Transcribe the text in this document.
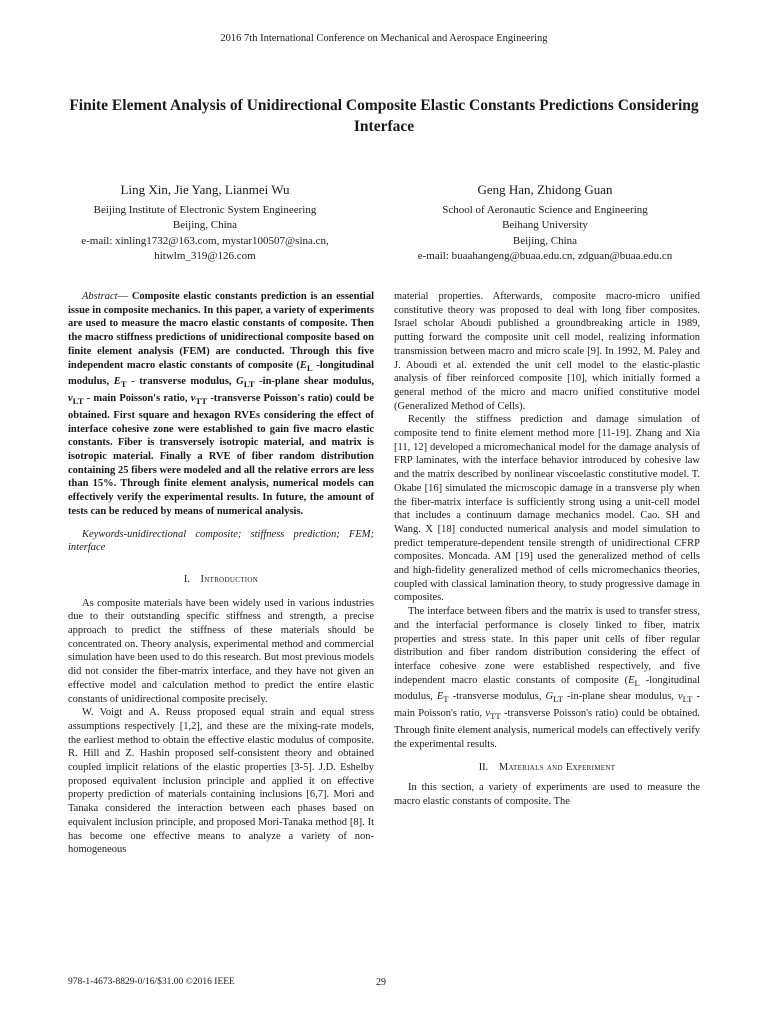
2016 7th International Conference on Mechanical and Aerospace Engineering
Finite Element Analysis of Unidirectional Composite Elastic Constants Predictions Considering Interface
Ling Xin, Jie Yang, Lianmei Wu
Beijing Institute of Electronic System Engineering
Beijing, China
e-mail: xinling1732@163.com, mystar100507@sina.cn,
hitwlm_319@126.com
Geng Han, Zhidong Guan
School of Aeronautic Science and Engineering
Beihang University
Beijing, China
e-mail: buaahangeng@buaa.edu.cn, zdguan@buaa.edu.cn

Abstract— Composite elastic constants prediction is an essential issue in composite mechanics. In this paper, a variety of experiments are used to measure the macro elastic constants of composite. Then the macro stiffness predictions of unidirectional composite based on finite element analysis (FEM) are conducted. Through this five independent macro elastic constants of composite ($E_L$ -longitudinal modulus, $E_T$ - transverse modulus, $G_{LT}$ -in-plane shear modulus, $\nu_{LT}$ - main Poisson's ratio, $\nu_{TT}$ -transverse Poisson's ratio) could be obtained. First square and hexagon RVEs considering the effect of interface cohesive zone were established to gain five macro elastic constants. Fiber is transversely isotropic material, and matrix is isotropic material. Finally a RVE of fiber random distribution containing 25 fibers were modeled and all the relative errors are less than 15%. Through finite element analysis, numerical models can effectively verify the experimental results. In future, the amount of tests can be reduced by means of numerical analysis.

Keywords-unidirectional composite; stiffness prediction; FEM; interface

I. Introduction

As composite materials have been widely used in various industries due to their outstanding specific stiffness and strength, a precise approach to predict the stiffness of these materials should be concentrated on. Theory analysis, experimental method and commercial simulation have been used to do this research. But most previous models did not consider the fiber-matrix interface, and they have not given an effective model and calculation method to predict the entire elastic constants of unidirectional composite precisely.

W. Voigt and A. Reuss proposed equal strain and equal stress assumptions respectively [1,2], and these are the mixing-rate models, the earliest method to obtain the effective elastic modulus of composite. R. Hill and Z. Hashin proposed self-consistent theory and obtained coupled implicit relations of the elastic properties [3-5]. J.D. Eshelby proposed equivalent inclusion principle and applied it on effective property prediction of materials containing inclusions [6,7]. Mori and Tanaka considered the interaction between each phases based on equivalent inclusion principle, and proposed Mori-Tanaka method [8]. It has become one effective means to analyze a variety of non-homogeneous

material properties. Afterwards, composite macro-micro unified constitutive theory was proposed to deal with long fiber composites. Israel scholar Aboudi published a groundbreaking article in 1989, putting forward the composite unit cell model, realizing information transmission between macro and micro scale [9]. In 1992, M. Paley and J. Aboudi et al. extended the unit cell model to the elastic-plastic analysis of fiber reinforced composite [10], which initially formed a general method of the micro and macro unified constitutive model (Generalized Method of Cells).

Recently the stiffness prediction and damage simulation of composite tend to finite element method more [11-19]. Zhang and Xia [11, 12] developed a micromechanical model for the damage analysis of FRP laminates, with the interface behavior introduced by cohesive law and the matrix described by nonlinear viscoelastic constitutive model. T. Okabe [16] simulated the microscopic damage in a transverse ply when the fiber-matrix interface is sufficiently strong using a unit-cell model that includes a continuum damage mechanics model. Cao. SH and Wang. X [18] conducted numerical analysis and model simulation to predict temperature-dependent tensile strength of unidirectional CFRP composites. Moncada. AM [19] used the generalized method of cells and high-fidelity generalized method of cells micromechanics theories, coupled with classical lamination theory, to study progressive damage in composites.

The interface between fibers and the matrix is used to transfer stress, and the interfacial performance is closely linked to fiber, matrix properties and stress state. In this paper unit cells of fiber regular distribution and fiber random distribution considering the effect of interface cohesive zone were established respectively, and five independent macro elastic constants of composite ($E_L$ -longitudinal modulus, $E_T$ -transverse modulus, $G_{LT}$ -in-plane shear modulus, $\nu_{LT}$ - main Poisson's ratio, $\nu_{TT}$ -transverse Poisson's ratio) could be obtained. Through finite element analysis, numerical models can effectively verify the experimental results.

II. Materials and Experiment

In this section, a variety of experiments are used to measure the macro elastic constants of composite. The

978-1-4673-8829-0/16/$31.00 ©2016 IEEE	29
